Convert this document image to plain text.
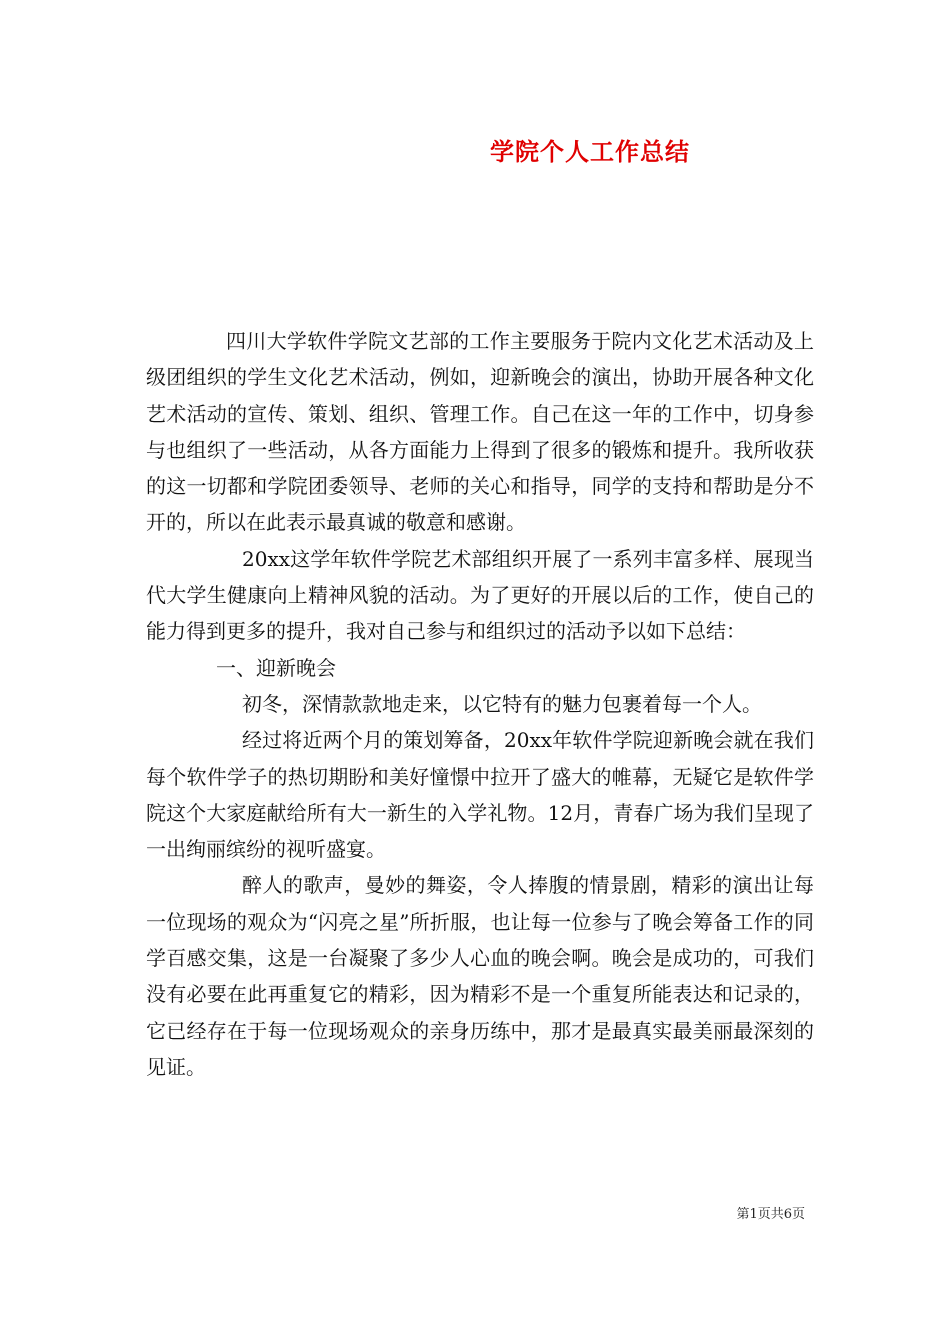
学院个人工作总结

四川大学软件学院文艺部的工作主要服务于院内文化艺术活动及上级团组织的学生文化艺术活动，例如，迎新晚会的演出，协助开展各种文化艺术活动的宣传、策划、组织、管理工作。自己在这一年的工作中，切身参与也组织了一些活动，从各方面能力上得到了很多的锻炼和提升。我所收获的这一切都和学院团委领导、老师的关心和指导，同学的支持和帮助是分不开的，所以在此表示最真诚的敬意和感谢。

20xx这学年软件学院艺术部组织开展了一系列丰富多样、展现当代大学生健康向上精神风貌的活动。为了更好的开展以后的工作，使自己的能力得到更多的提升，我对自己参与和组织过的活动予以如下总结：

一、迎新晚会

初冬，深情款款地走来，以它特有的魅力包裹着每一个人。

经过将近两个月的策划筹备，20xx年软件学院迎新晚会就在我们每个软件学子的热切期盼和美好憧憬中拉开了盛大的帷幕，无疑它是软件学院这个大家庭献给所有大一新生的入学礼物。12月，青春广场为我们呈现了一出绚丽缤纷的视听盛宴。

醉人的歌声，曼妙的舞姿，令人捧腹的情景剧，精彩的演出让每一位现场的观众为“闪亮之星”所折服，也让每一位参与了晚会筹备工作的同学百感交集，这是一台凝聚了多少人心血的晚会啊。晚会是成功的，可我们没有必要在此再重复它的精彩，因为精彩不是一个重复所能表达和记录的，它已经存在于每一位现场观众的亲身历练中，那才是最真实最美丽最深刻的见证。

第1页共6页
